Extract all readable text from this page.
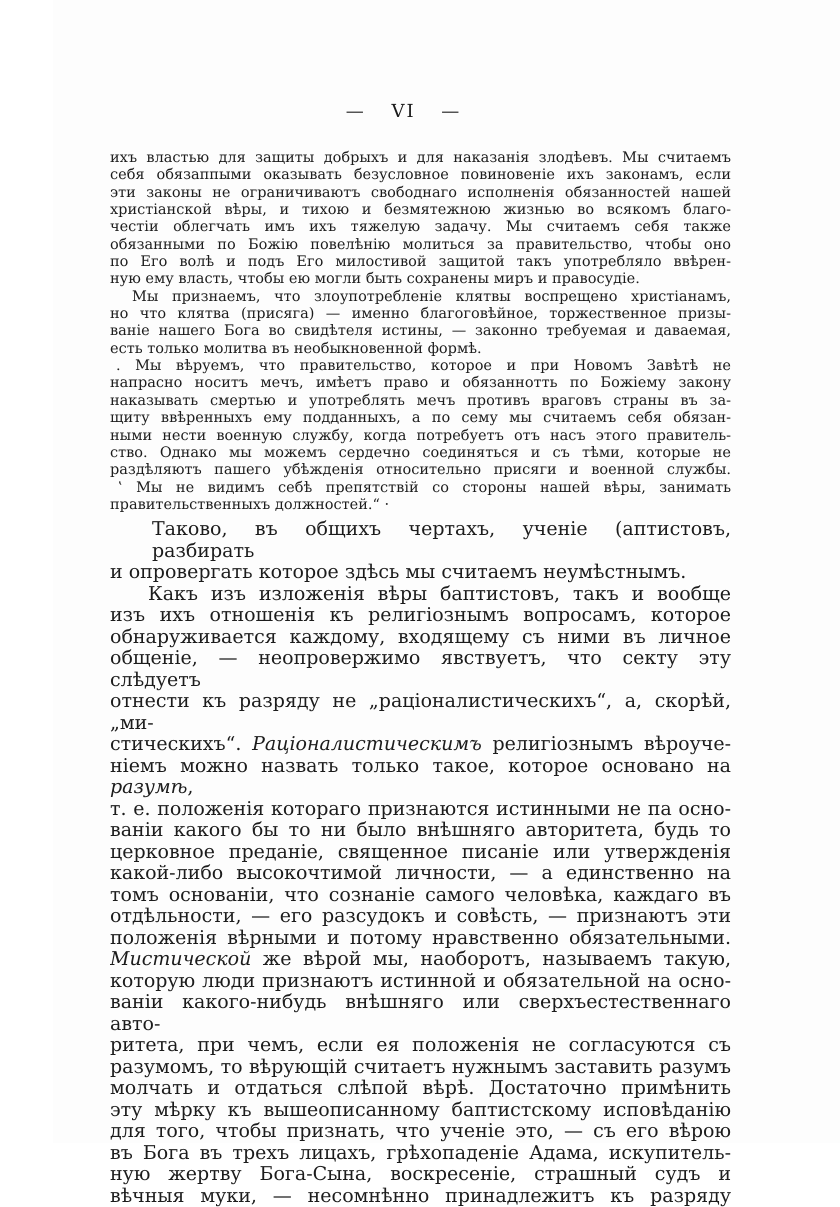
— VI —
ихъ властью для защиты добрыхъ и для наказанія злодѣевъ. Мы считаемъ
себя обязаппыми оказывать безусловное повиновеніе ихъ законамъ, если
эти законы не ограничиваютъ свободнаго исполненія обязанностей нашей
христіанской вѣры, и тихою и безмятежною жизнью во всякомъ благо-
честіи облегчать имъ ихъ тяжелую задачу. Мы считаемъ себя также
обязанными по Божію повелѣнію молиться за правительство, чтобы оно
по Его волѣ и подъ Его милостивой защитой такъ употребляло ввѣрен-
ную ему власть, чтобы ею могли быть сохранены миръ и правосудіе.
Мы признаемъ, что злоупотребленіе клятвы воспрещено христіанамъ,
но что клятва (присяга) — именно благоговѣйное, торжественное призы-
ваніе нашего Бога во свидѣтеля истины, — законно требуемая и даваемая,
есть только молитва въ необыкновенной формѣ.
. Мы вѣруемъ, что правительство, которое и при Новомъ Завѣтѣ не
напрасно носитъ мечъ, имѣетъ право и обязаннотть по Божіему закону
наказывать смертью и употреблять мечъ противъ враговъ страны въ за-
щиту ввѣренныхъ ему подданныхъ, а по сему мы считаемъ себя обязан-
ными нести военную службу, когда потребуетъ отъ насъ этого правитель-
ство. Однако мы можемъ сердечно соединяться и съ тѣми, которые не
раздѣляютъ пашего убѣжденія относительно присяги и военной службы.
‛ Мы не видимъ себѣ препятствій со стороны нашей вѣры, занимать
правительственныхъ должностей.“ ·
Таково, въ общихъ чертахъ, ученіе (аптистовъ, разбирать
и опровергать которое здѣсь мы считаемъ неумѣстнымъ.
Какъ изъ изложенія вѣры баптистовъ, такъ и вообще
изъ ихъ отношенія къ религіознымъ вопросамъ, которое
обнаруживается каждому, входящему съ ними въ личное
общеніе, — неопровержимо явствуетъ, что секту эту слѣдуетъ
отнести къ разряду не „раціоналистическихъ“, а, скорѣй, „ми-
стическихъ“. Раціоналистическимъ религіознымъ вѣроуче-
ніемъ можно назвать только такое, которое основано на разумѣ,
т. е. положенія котораго признаются истинными не па осно-
ваніи какого бы то ни было внѣшняго авторитета, будь то
церковное преданіе, священное писаніе или утвержденія
какой-либо высокочтимой личности, — а единственно на
томъ основаніи, что сознаніе самого человѣка, каждаго въ
отдѣльности, — его разсудокъ и совѣсть, — признаютъ эти
положенія вѣрными и потому нравственно обязательными.
Мистической же вѣрой мы, наоборотъ, называемъ такую,
которую люди признаютъ истинной и обязательной на осно-
ваніи какого-нибудь внѣшняго или сверхъестественнаго авто-
ритета, при чемъ, если ея положенія не согласуются съ
разумомъ, то вѣрующій считаетъ нужнымъ заставить разумъ
молчать и отдаться слѣпой вѣрѣ. Достаточно примѣнить
эту мѣрку къ вышеописанному баптистскому исповѣданію
для того, чтобы признать, что ученіе это, — съ его вѣрою
въ Бога въ трехъ лицахъ, грѣхопаденіе Адама, искупитель-
ную жертву Бога-Сына, воскресеніе, страшный судъ и
вѣчныя муки, — несомнѣнно принадлежитъ къ разряду
